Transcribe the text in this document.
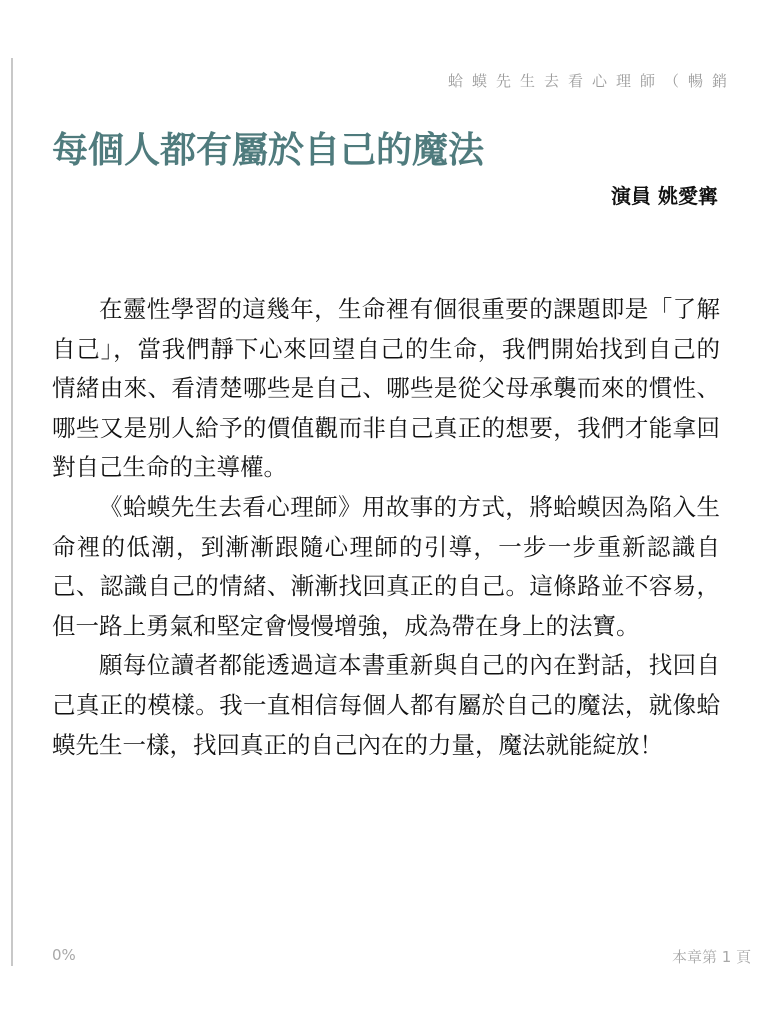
蛤蟆先生去看心理師（暢銷
每個人都有屬於自己的魔法
演員 姚愛寗

在靈性學習的這幾年，生命裡有個很重要的課題即是「了解自己」，當我們靜下心來回望自己的生命，我們開始找到自己的情緒由來、看清楚哪些是自己、哪些是從父母承襲而來的慣性、哪些又是別人給予的價值觀而非自己真正的想要，我們才能拿回對自己生命的主導權。

《蛤蟆先生去看心理師》用故事的方式，將蛤蟆因為陷入生命裡的低潮，到漸漸跟隨心理師的引導，一步一步重新認識自己、認識自己的情緒、漸漸找回真正的自己。這條路並不容易，但一路上勇氣和堅定會慢慢增強，成為帶在身上的法寶。

願每位讀者都能透過這本書重新與自己的內在對話，找回自己真正的模樣。我一直相信每個人都有屬於自己的魔法，就像蛤蟆先生一樣，找回真正的自己內在的力量，魔法就能綻放！

0%	本章第 1 頁
